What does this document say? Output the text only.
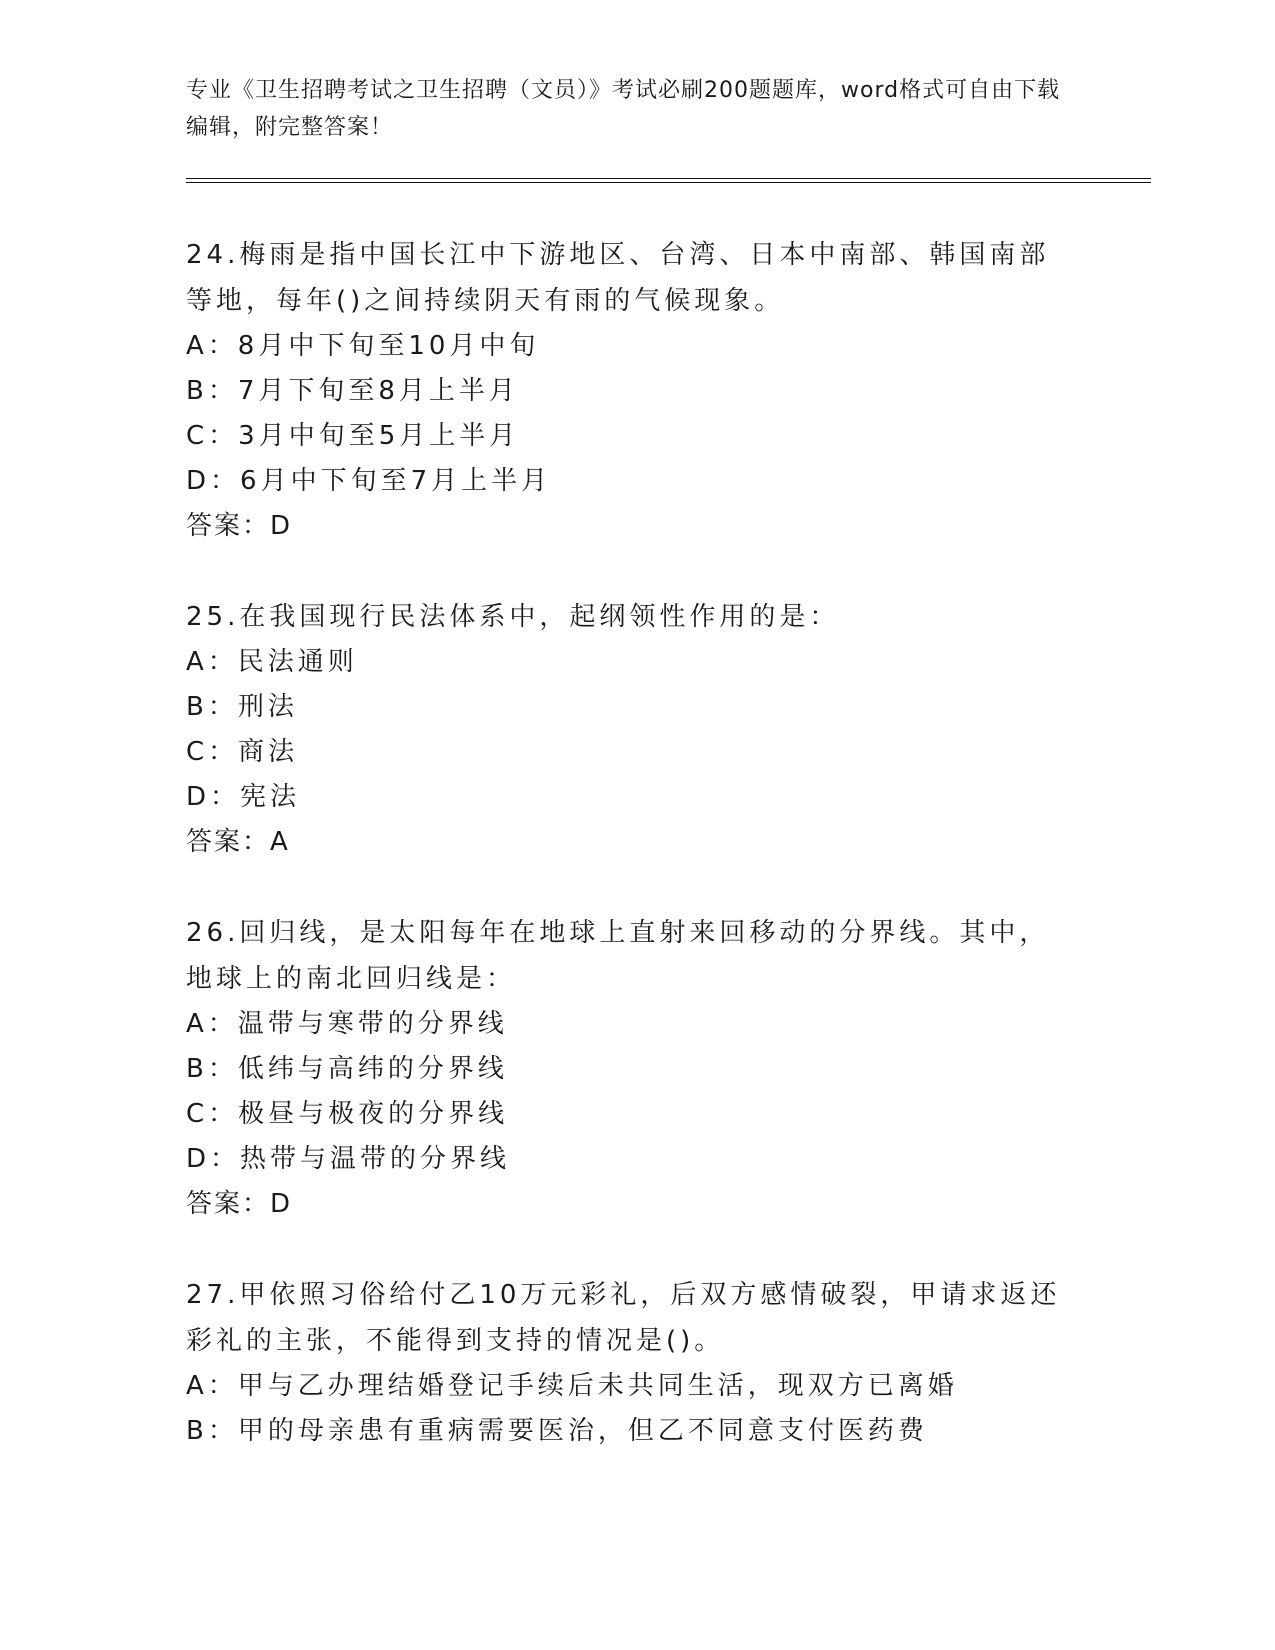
专业《卫生招聘考试之卫生招聘（文员）》考试必刷200题题库，word格式可自由下载编辑，附完整答案！
24.梅雨是指中国长江中下游地区、台湾、日本中南部、韩国南部等地，每年()之间持续阴天有雨的气候现象。
A：8月中下旬至10月中旬
B：7月下旬至8月上半月
C：3月中旬至5月上半月
D：6月中下旬至7月上半月
答案：D
25.在我国现行民法体系中，起纲领性作用的是：
A：民法通则
B：刑法
C：商法
D：宪法
答案：A
26.回归线，是太阳每年在地球上直射来回移动的分界线。其中，地球上的南北回归线是：
A：温带与寒带的分界线
B：低纬与高纬的分界线
C：极昼与极夜的分界线
D：热带与温带的分界线
答案：D
27.甲依照习俗给付乙10万元彩礼，后双方感情破裂，甲请求返还彩礼的主张，不能得到支持的情况是()。
A：甲与乙办理结婚登记手续后未共同生活，现双方已离婚
B：甲的母亲患有重病需要医治，但乙不同意支付医药费
